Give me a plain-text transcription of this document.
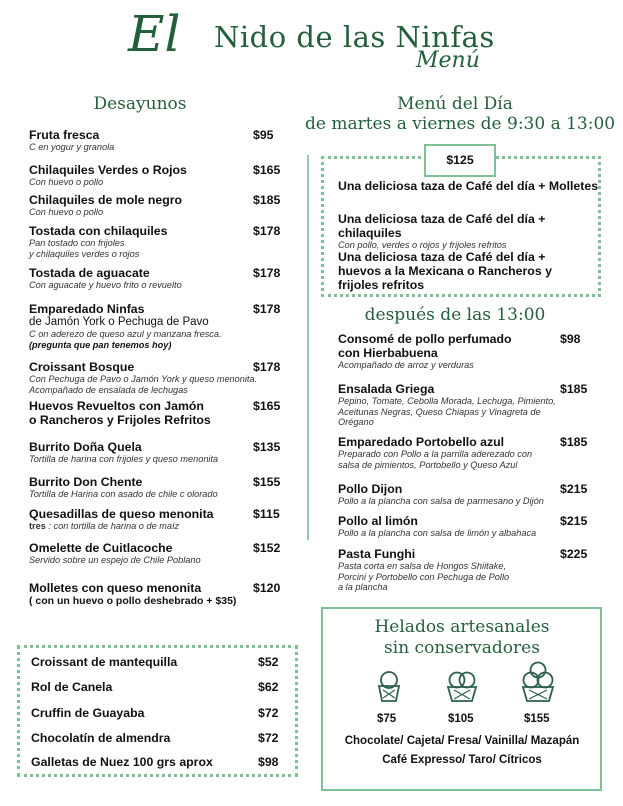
El Nido de las Ninfas
Menú
Desayunos
Fruta fresca
C en yogur y granola
$95
Chilaquiles Verdes o Rojos
Con huevo o pollo
$165
Chilaquiles de mole negro
Con huevo o pollo
$185
Tostada con chilaquiles
Pan tostado con frijoles
y chilaquiles verdes o rojos
$178
Tostada de aguacate
Con aguacate y huevo frito o revuelto
$178
Emparedado Ninfas
de Jamón York o Pechuga de Pavo
C on aderezo de queso azul y manzana fresca.
(pregunta que pan tenemos hoy)
$178
Croissant Bosque
Con Pechuga de Pavo o Jamón York y queso menonita.
Acompañado de ensalada de lechugas
$178
Huevos Revueltos con Jamón
o Rancheros y Frijoles Refritos
$165
Burrito Doña Quela
Tortilla de harina con frijoles y queso menonita
$135
Burrito Don Chente
Tortilla de Harina con asado de chile c olorado
$155
Quesadillas de queso menonita
tres : con tortilla de harina o de maíz
$115
Omelette de Cuitlacoche
Servido sobre un espejo de Chile Poblano
$152
Molletes con queso menonita
( con un huevo o pollo deshebrado + $35)
$120
Croissant de mantequilla	$52
Rol de Canela	$62
Cruffin de Guayaba	$72
Chocolatín de almendra	$72
Galletas de Nuez 100 grs aprox	$98
Menú del Día
de martes a viernes de 9:30 a 13:00
$125
Una deliciosa taza de Café del día + Molletes
Una deliciosa taza de Café del día +
chilaquiles
Con pollo, verdes o rojos y frijoles refritos
Una deliciosa taza de Café del día +
huevos a la Mexicana o Rancheros y
frijoles refritos
después de las 13:00
Consomé de pollo perfumado
con Hierbabuena
Acompañado de arroz y verduras
$98
Ensalada Griega
Pepino, Tomate, Cebolla Morada, Lechuga, Pimiento,
Aceitunas Negras, Queso Chiapas y Vinagreta de
Orégano
$185
Emparedado Portobello azul
Preparado con Pollo a la parrilla aderezado con
salsa de pimientos, Portobello y Queso Azul
$185
Pollo Dijon
Pollo a la plancha con salsa de parmesano y Dijón
$215
Pollo al limón
Pollo a la plancha con salsa de limón y albahaca
$215
Pasta Funghi
Pasta corta en salsa de Hongos Shiitake,
Porcini y Portobello con Pechuga de Pollo
a la plancha
$225
Helados artesanales
sin conservadores
$75	$105	$155
Chocolate/ Cajeta/ Fresa/ Vainilla/ Mazapán
Café Expresso/ Taro/ Cítricos
